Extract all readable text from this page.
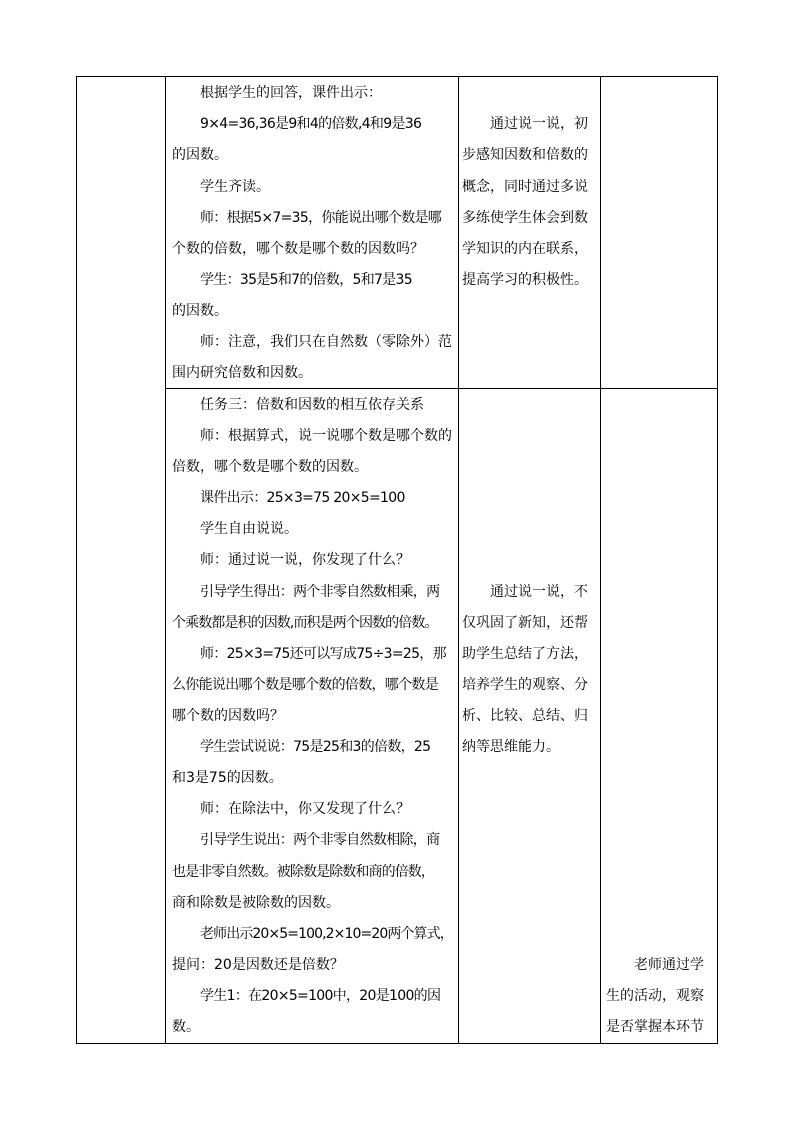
根据学生的回答，课件出示：
9×4=36,36是9和4的倍数,4和9是36
的因数。
学生齐读。
师：根据5×7=35，你能说出哪个数是哪
个数的倍数，哪个数是哪个数的因数吗？
学生：35是5和7的倍数，5和7是35
的因数。
师：注意，我们只在自然数（零除外）范
围内研究倍数和因数。
通过说一说，初
步感知因数和倍数的
概念，同时通过多说
多练使学生体会到数
学知识的内在联系，
提高学习的积极性。
任务三：倍数和因数的相互依存关系
师：根据算式，说一说哪个数是哪个数的
倍数，哪个数是哪个数的因数。
课件出示：25×3=75 20×5=100
学生自由说说。
师：通过说一说，你发现了什么？
引导学生得出：两个非零自然数相乘，两
个乘数都是积的因数,而积是两个因数的倍数。
师：25×3=75还可以写成75÷3=25，那
么你能说出哪个数是哪个数的倍数，哪个数是
哪个数的因数吗？
学生尝试说说：75是25和3的倍数，25
和3是75的因数。
师：在除法中，你又发现了什么？
引导学生说出：两个非零自然数相除，商
也是非零自然数。被除数是除数和商的倍数，
商和除数是被除数的因数。
老师出示20×5=100,2×10=20两个算式，
提问：20是因数还是倍数？
学生1：在20×5=100中，20是100的因
数。
通过说一说，不
仅巩固了新知，还帮
助学生总结了方法，
培养学生的观察、分
析、比较、总结、归
纳等思维能力。
老师通过学
生的活动，观察
是否掌握本环节
